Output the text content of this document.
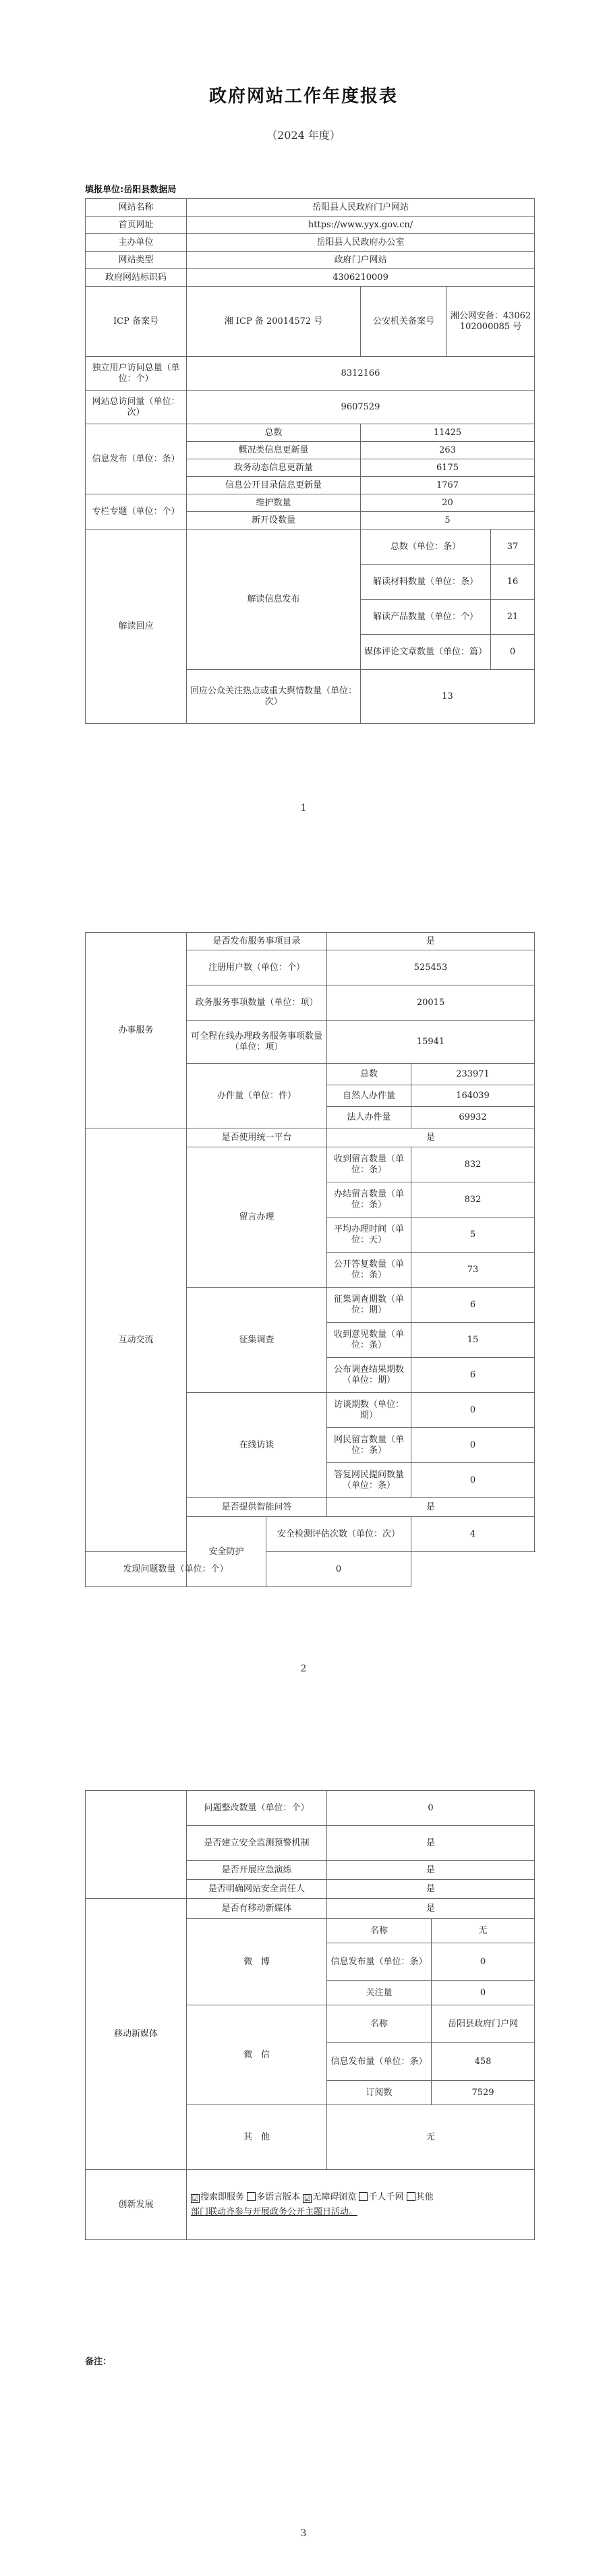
政府网站工作年度报表
（2024 年度）
填报单位:岳阳县数据局
网站名称	岳阳县人民政府门户网站			
首页网址	https://www.yyx.gov.cn/			
主办单位	岳阳县人民政府办公室			
网站类型	政府门户网站			
政府网站标识码	4306210009			
ICP 备案号	湘 ICP 备 20014572 号	公安机关备案号	湘公网安备：43062102000085 号	
独立用户访问总量（单位：个）	8312166			
网站总访问量（单位：次）	9607529			
信息发布（单位：条）	总数	11425		
	概况类信息更新量	263		
	政务动态信息更新量	6175		
	信息公开目录信息更新量	1767		
专栏专题（单位：个）	维护数量	20		
	新开设数量	5		
解读回应	解读信息发布	总数（单位：条）		37
		解读材料数量（单位：条）		16
		解读产品数量（单位：个）		21
		媒体评论文章数量（单位：篇）		0
	回应公众关注热点或重大舆情数量（单位：次）	13		
1
办事服务	是否发布服务事项目录		是	
	注册用户数（单位：个）		525453	
	政务服务事项数量（单位：项）		20015	
	可全程在线办理政务服务事项数量（单位：项）		15941	
	办件量（单位：件）		总数	233971
			自然人办件量	164039
			法人办件量	69932
互动交流	是否使用统一平台		是	
	留言办理		收到留言数量（单位：条）	832
			办结留言数量（单位：条）	832
			平均办理时间（单位：天）	5
			公开答复数量（单位：条）	73
	征集调查		征集调查期数（单位：期）	6
			收到意见数量（单位：条）	15
			公布调查结果期数（单位：期）	6
	在线访谈		访谈期数（单位：期）	0
			网民留言数量（单位：条）	0
			答复网民提问数量（单位：条）	0
	是否提供智能问答		是	
	安全防护	安全检测评估次数（单位：次）		4
发现问题数量（单位：个）		0		
2
	问题整改数量（单位：个）	0	
	是否建立安全监测预警机制	是	
	是否开展应急演练	是	
	是否明确网站安全责任人	是	
移动新媒体	是否有移动新媒体	是	
	微　博	名称	无
		信息发布量（单位：条）	0
		关注量	0
	微　信	名称	岳阳县政府门户网
		信息发布量（单位：条）	458
		订阅数	7529
	其　他	无	
创新发展	☑ 搜索即服务 多语言版本 ☑ 无障碍浏览 千人千网 其他
部门联动齐参与开展政务公开主题日活动。		
备注：
3
